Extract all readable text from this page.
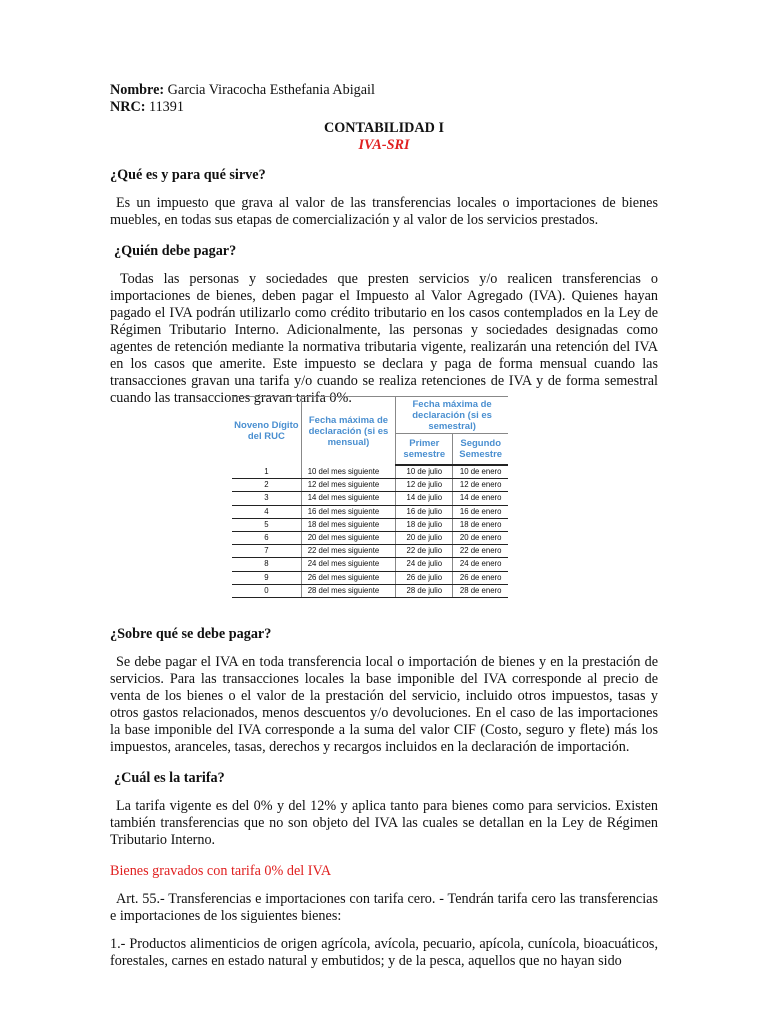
Nombre: Garcia Viracocha Esthefania Abigail

NRC: 11391

CONTABILIDAD I

IVA-SRI

¿Qué es y para qué sirve?

Es un impuesto que grava al valor de las transferencias locales o importaciones de bienes muebles, en todas sus etapas de comercialización y al valor de los servicios prestados.

¿Quién debe pagar?

Todas las personas y sociedades que presten servicios y/o realicen transferencias o importaciones de bienes, deben pagar el Impuesto al Valor Agregado (IVA). Quienes hayan pagado el IVA podrán utilizarlo como crédito tributario en los casos contemplados en la Ley de Régimen Tributario Interno. Adicionalmente, las personas y sociedades designadas como agentes de retención mediante la normativa tributaria vigente, realizarán una retención del IVA en los casos que amerite. Este impuesto se declara y paga de forma mensual cuando las transacciones gravan una tarifa y/o cuando se realiza retenciones de IVA y de forma semestral cuando las transacciones gravan tarifa 0%.

¿Sobre qué se debe pagar?

Se debe pagar el IVA en toda transferencia local o importación de bienes y en la prestación de servicios. Para las transacciones locales la base imponible del IVA corresponde al precio de venta de los bienes o el valor de la prestación del servicio, incluido otros impuestos, tasas y otros gastos relacionados, menos descuentos y/o devoluciones. En el caso de las importaciones la base imponible del IVA corresponde a la suma del valor CIF (Costo, seguro y flete) más los impuestos, aranceles, tasas, derechos y recargos incluidos en la declaración de importación.

¿Cuál es la tarifa?

La tarifa vigente es del 0% y del 12% y aplica tanto para bienes como para servicios. Existen también transferencias que no son objeto del IVA las cuales se detallan en la Ley de Régimen Tributario Interno.

Bienes gravados con tarifa 0% del IVA

Art. 55.- Transferencias e importaciones con tarifa cero. - Tendrán tarifa cero las transferencias e importaciones de los siguientes bienes:

1.- Productos alimenticios de origen agrícola, avícola, pecuario, apícola, cunícola, bioacuáticos, forestales, carnes en estado natural y embutidos; y de la pesca, aquellos que no hayan sido

Noveno Dígito del RUC	Fecha máxima de declaración (si es mensual)	Fecha máxima de declaración (si es semestral)	
		Primer semestre	Segundo Semestre
1	10 del mes siguiente	10 de julio	10 de enero
2	12 del mes siguiente	12 de julio	12 de enero
3	14 del mes siguiente	14 de julio	14 de enero
4	16 del mes siguiente	16 de julio	16 de enero
5	18 del mes siguiente	18 de julio	18 de enero
6	20 del mes siguiente	20 de julio	20 de enero
7	22 del mes siguiente	22 de julio	22 de enero
8	24 del mes siguiente	24 de julio	24 de enero
9	26 del mes siguiente	26 de julio	26 de enero
0	28 del mes siguiente	28 de julio	28 de enero
